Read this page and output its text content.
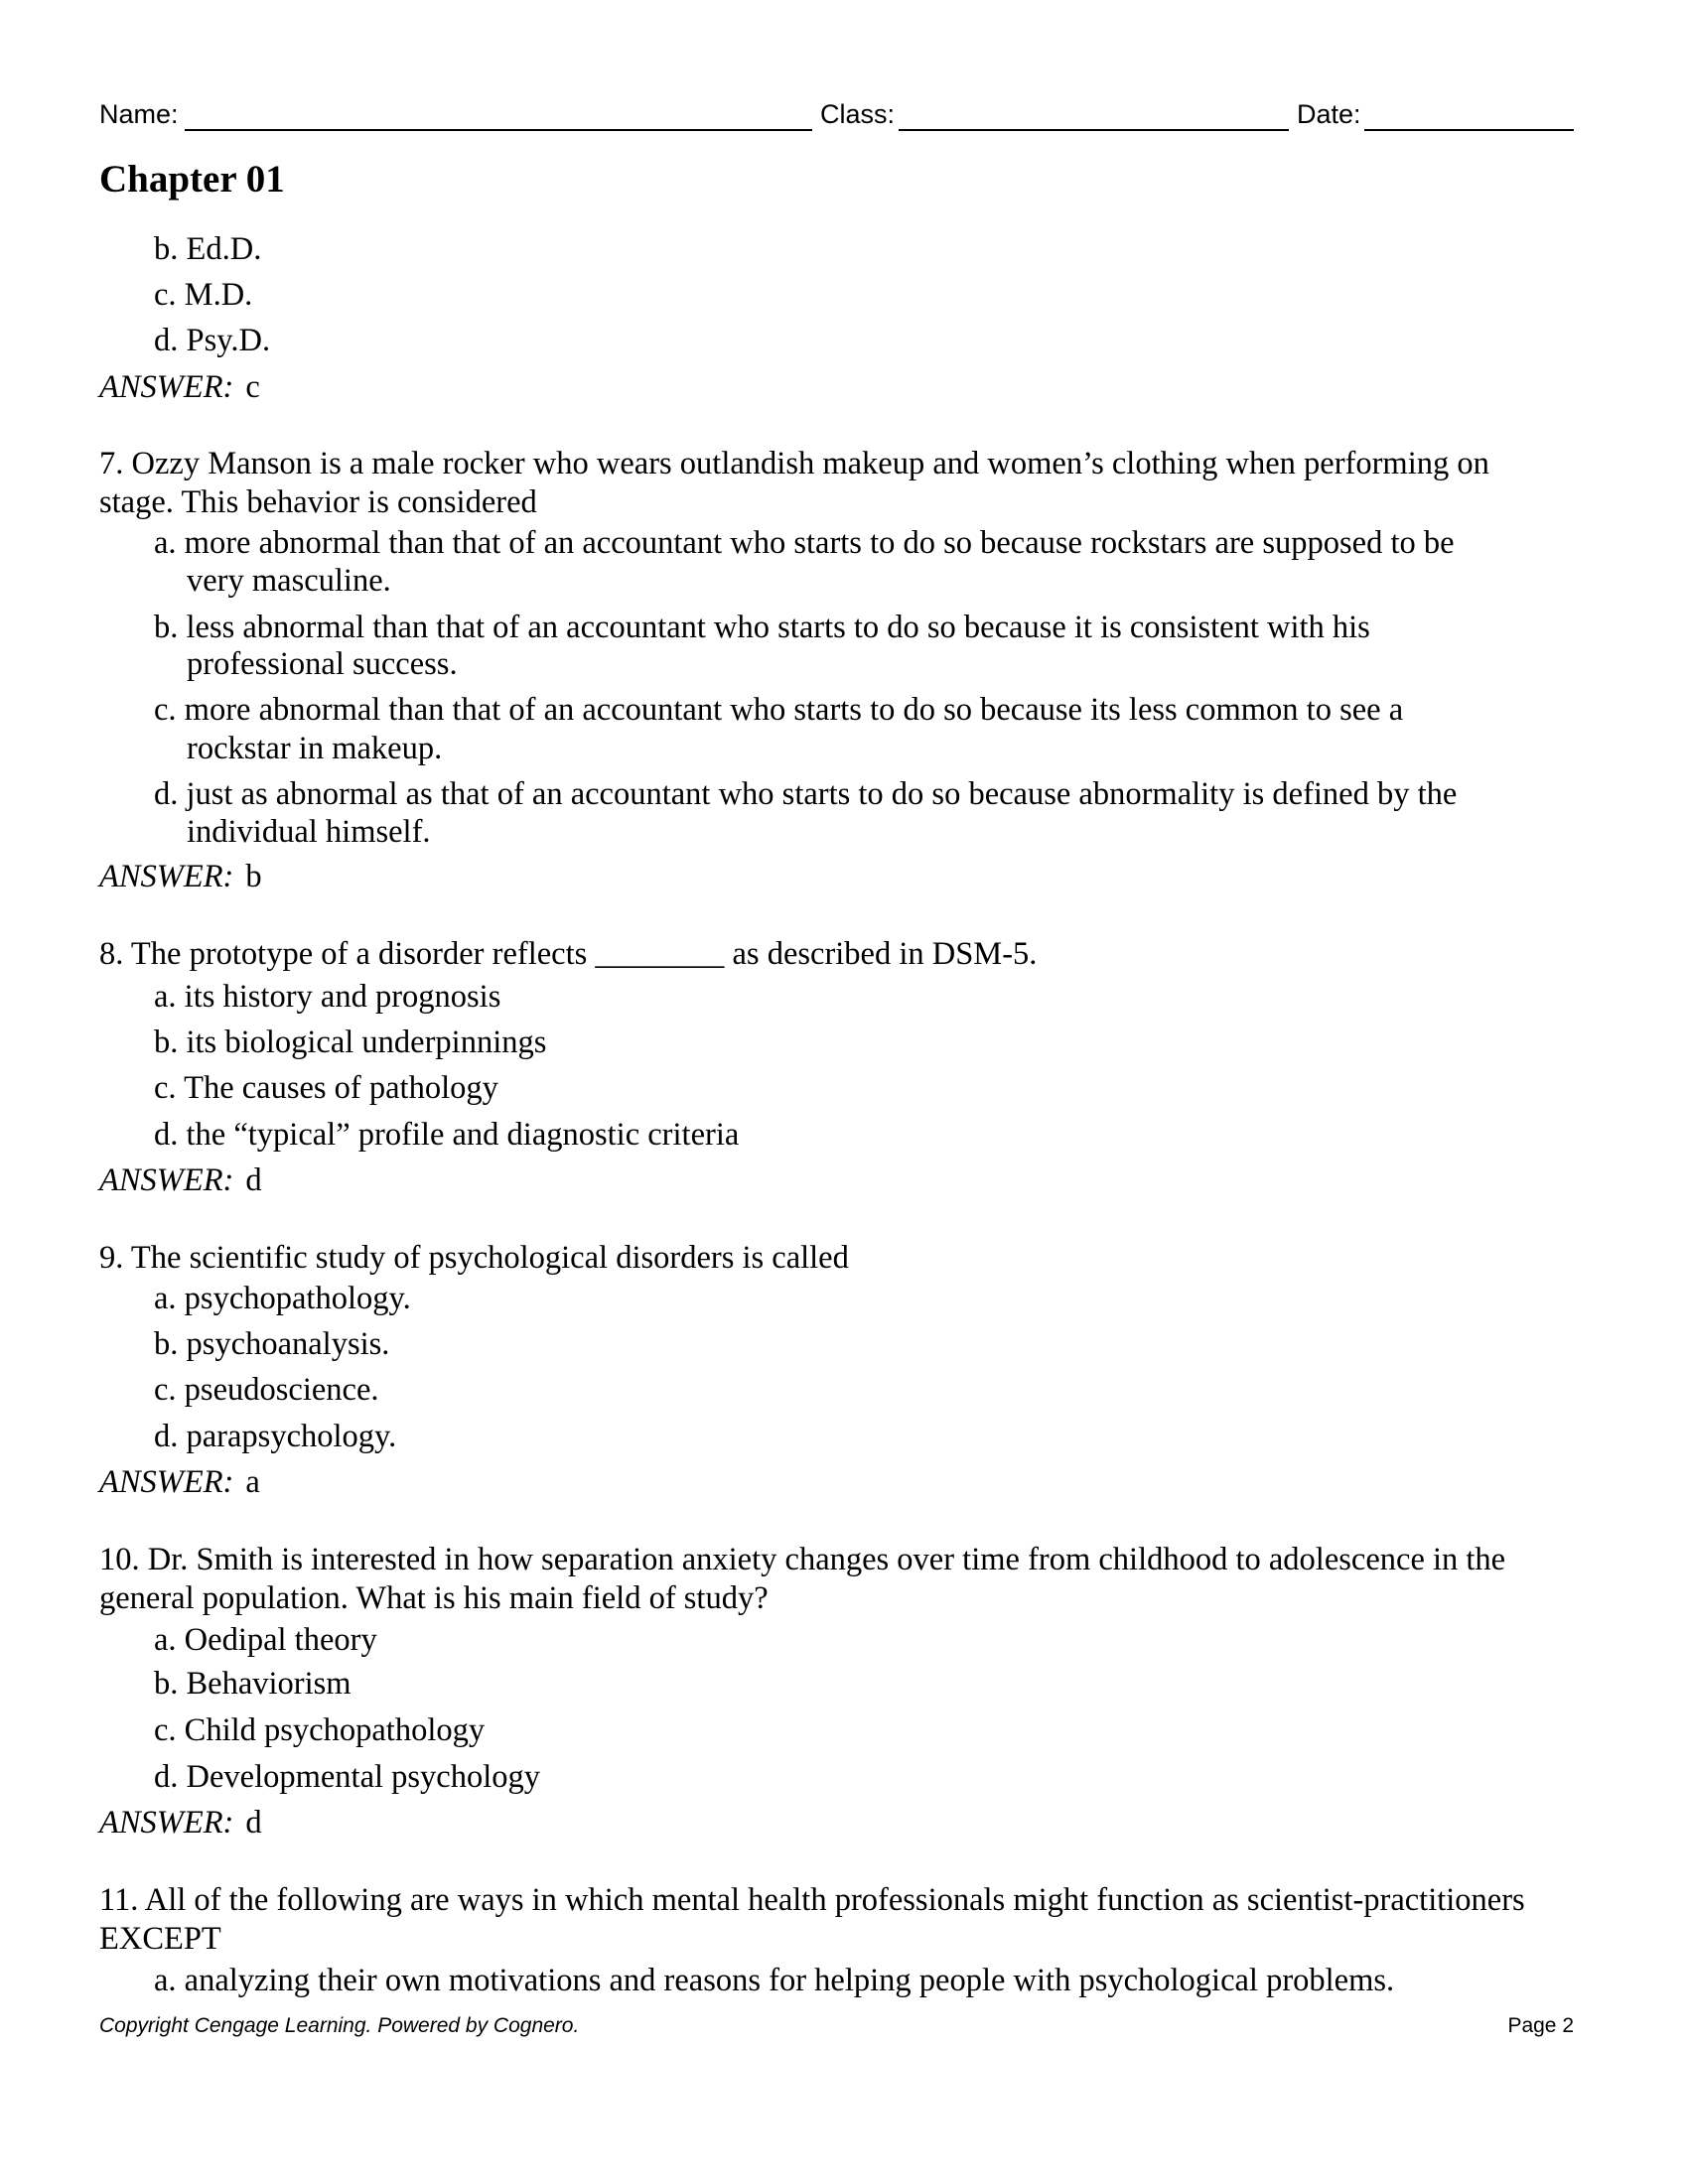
Name:	Class:	Date:
Chapter 01
b. Ed.D.
c. M.D.
d. Psy.D.
ANSWER: c
7. Ozzy Manson is a male rocker who wears outlandish makeup and women’s clothing when performing on
stage. This behavior is considered
a. more abnormal than that of an accountant who starts to do so because rockstars are supposed to be
very masculine.
b. less abnormal than that of an accountant who starts to do so because it is consistent with his
professional success.
c. more abnormal than that of an accountant who starts to do so because its less common to see a
rockstar in makeup.
d. just as abnormal as that of an accountant who starts to do so because abnormality is defined by the
individual himself.
ANSWER: b
8. The prototype of a disorder reflects ________ as described in DSM-5.
a. its history and prognosis
b. its biological underpinnings
c. The causes of pathology
d. the “typical” profile and diagnostic criteria
ANSWER: d
9. The scientific study of psychological disorders is called
a. psychopathology.
b. psychoanalysis.
c. pseudoscience.
d. parapsychology.
ANSWER: a
10. Dr. Smith is interested in how separation anxiety changes over time from childhood to adolescence in the
general population. What is his main field of study?
a. Oedipal theory
b. Behaviorism
c. Child psychopathology
d. Developmental psychology
ANSWER: d
11. All of the following are ways in which mental health professionals might function as scientist-practitioners
EXCEPT
a. analyzing their own motivations and reasons for helping people with psychological problems.
Copyright Cengage Learning. Powered by Cognero.	Page 2
